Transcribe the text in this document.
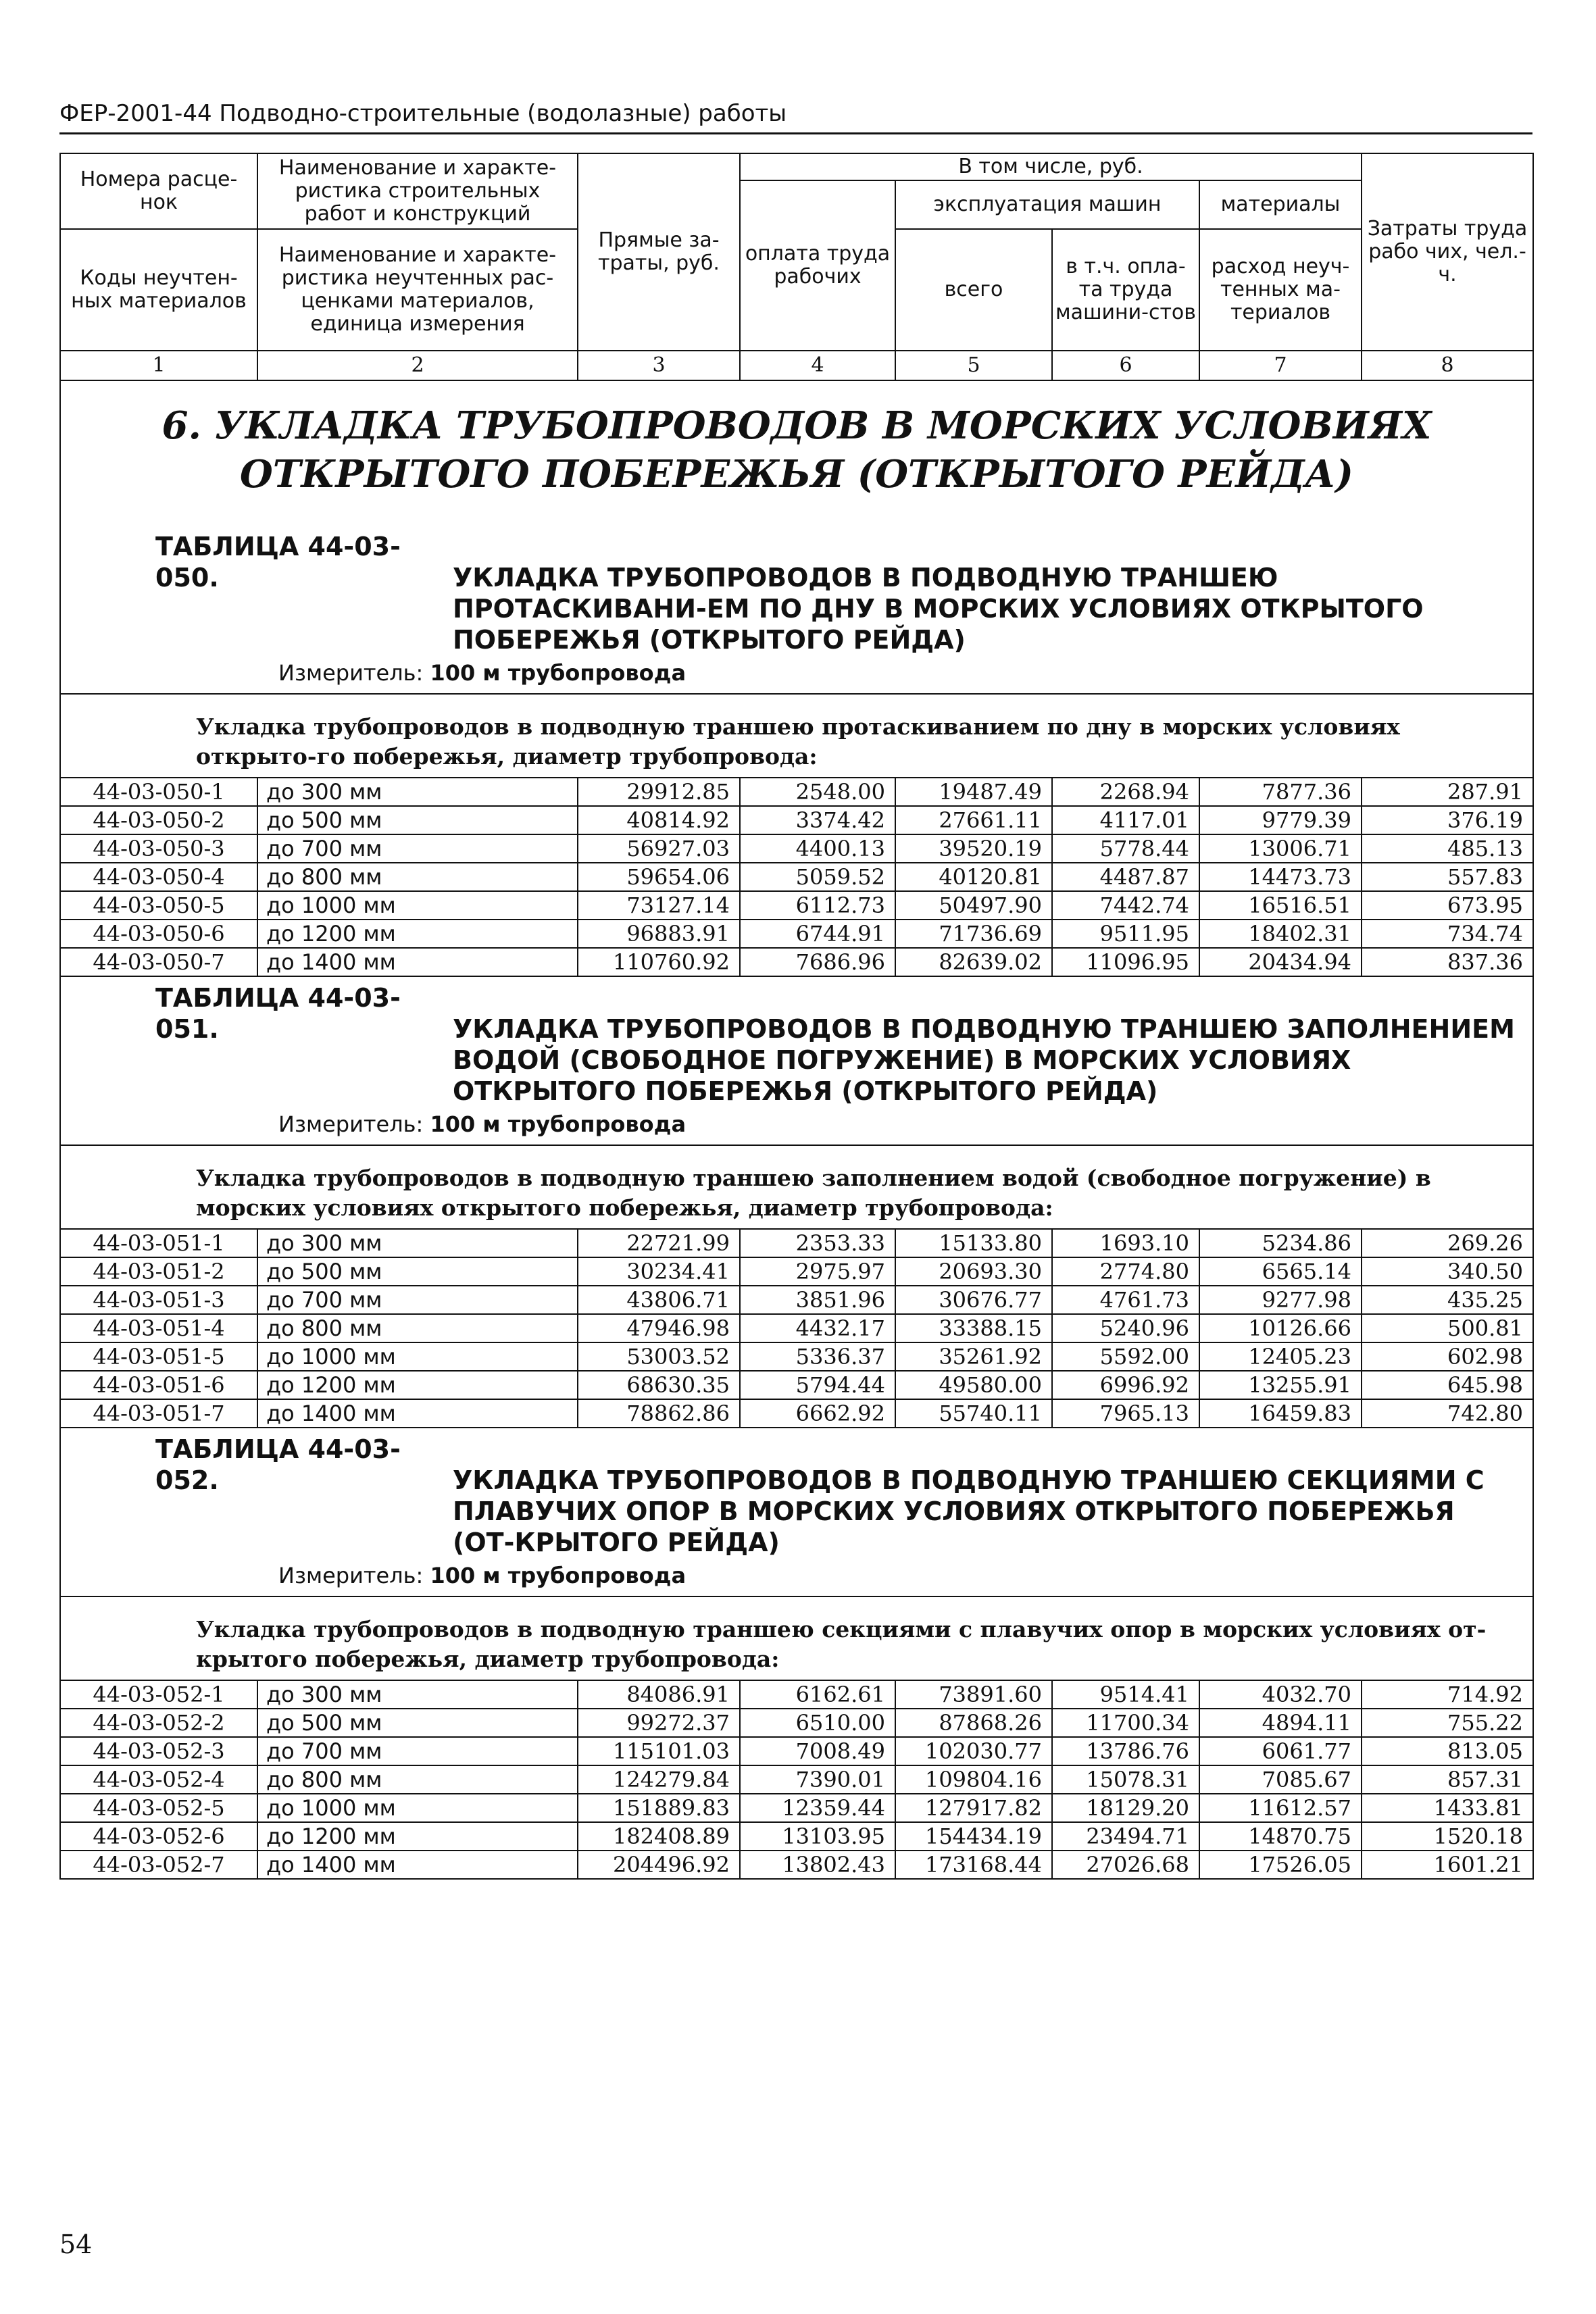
ФЕР-2001-44 Подводно-строительные (водолазные) работы
Номера расце-нок	Наименование и характе-ристика строительных работ и конструкций	Прямые за-траты, руб.	В том числе, руб.				Затраты труда рабо чих, чел.-ч.
			оплата труда рабочих	эксплуатация машин		материалы	

Коды неучтен-ных материалов	Наименование и характе-ристика неучтенных рас-ценками материалов, единица измерения			всего	в т.ч. опла-та труда машини-стов	расход неуч-тенных ма-териалов	

1	2	3	4	5	6	7	8
6. УКЛАДКА ТРУБОПРОВОДОВ В МОРСКИХ УСЛОВИЯХ ОТКРЫТОГО ПОБЕРЕЖЬЯ (ОТКРЫТОГО РЕЙДА)							
ТАБЛИЦА 44-03-050. УКЛАДКА ТРУБОПРОВОДОВ В ПОДВОДНУЮ ТРАНШЕЮ ПРОТАСКИВАНИ-ЕМ ПО ДНУ В МОРСКИХ УСЛОВИЯХ ОТКРЫТОГО ПОБЕРЕЖЬЯ (ОТКРЫТОГО РЕЙДА)							

Измеритель: 100 м трубопровода							
Укладка трубопроводов в подводную траншею протаскиванием по дну в морских условиях открыто-го побережья, диаметр трубопровода:							
44-03-050-1	до 300 мм	29912.85	2548.00	19487.49	2268.94	7877.36	287.91
44-03-050-2	до 500 мм	40814.92	3374.42	27661.11	4117.01	9779.39	376.19
44-03-050-3	до 700 мм	56927.03	4400.13	39520.19	5778.44	13006.71	485.13
44-03-050-4	до 800 мм	59654.06	5059.52	40120.81	4487.87	14473.73	557.83
44-03-050-5	до 1000 мм	73127.14	6112.73	50497.90	7442.74	16516.51	673.95
44-03-050-6	до 1200 мм	96883.91	6744.91	71736.69	9511.95	18402.31	734.74
44-03-050-7	до 1400 мм	110760.92	7686.96	82639.02	11096.95	20434.94	837.36
ТАБЛИЦА 44-03-051. УКЛАДКА ТРУБОПРОВОДОВ В ПОДВОДНУЮ ТРАНШЕЮ ЗАПОЛНЕНИЕМ ВОДОЙ (СВОБОДНОЕ ПОГРУЖЕНИЕ) В МОРСКИХ УСЛОВИЯХ ОТКРЫТОГО ПОБЕРЕЖЬЯ (ОТКРЫТОГО РЕЙДА)							

Измеритель: 100 м трубопровода							
Укладка трубопроводов в подводную траншею заполнением водой (свободное погружение) в морских условиях открытого побережья, диаметр трубопровода:							
44-03-051-1	до 300 мм	22721.99	2353.33	15133.80	1693.10	5234.86	269.26
44-03-051-2	до 500 мм	30234.41	2975.97	20693.30	2774.80	6565.14	340.50
44-03-051-3	до 700 мм	43806.71	3851.96	30676.77	4761.73	9277.98	435.25
44-03-051-4	до 800 мм	47946.98	4432.17	33388.15	5240.96	10126.66	500.81
44-03-051-5	до 1000 мм	53003.52	5336.37	35261.92	5592.00	12405.23	602.98
44-03-051-6	до 1200 мм	68630.35	5794.44	49580.00	6996.92	13255.91	645.98
44-03-051-7	до 1400 мм	78862.86	6662.92	55740.11	7965.13	16459.83	742.80
ТАБЛИЦА 44-03-052. УКЛАДКА ТРУБОПРОВОДОВ В ПОДВОДНУЮ ТРАНШЕЮ СЕКЦИЯМИ С ПЛАВУЧИХ ОПОР В МОРСКИХ УСЛОВИЯХ ОТКРЫТОГО ПОБЕРЕЖЬЯ (ОТ-КРЫТОГО РЕЙДА)							

Измеритель: 100 м трубопровода							
Укладка трубопроводов в подводную траншею секциями с плавучих опор в морских условиях от-крытого побережья, диаметр трубопровода:							
44-03-052-1	до 300 мм	84086.91	6162.61	73891.60	9514.41	4032.70	714.92
44-03-052-2	до 500 мм	99272.37	6510.00	87868.26	11700.34	4894.11	755.22
44-03-052-3	до 700 мм	115101.03	7008.49	102030.77	13786.76	6061.77	813.05
44-03-052-4	до 800 мм	124279.84	7390.01	109804.16	15078.31	7085.67	857.31
44-03-052-5	до 1000 мм	151889.83	12359.44	127917.82	18129.20	11612.57	1433.81
44-03-052-6	до 1200 мм	182408.89	13103.95	154434.19	23494.71	14870.75	1520.18
44-03-052-7	до 1400 мм	204496.92	13802.43	173168.44	27026.68	17526.05	1601.21
54
